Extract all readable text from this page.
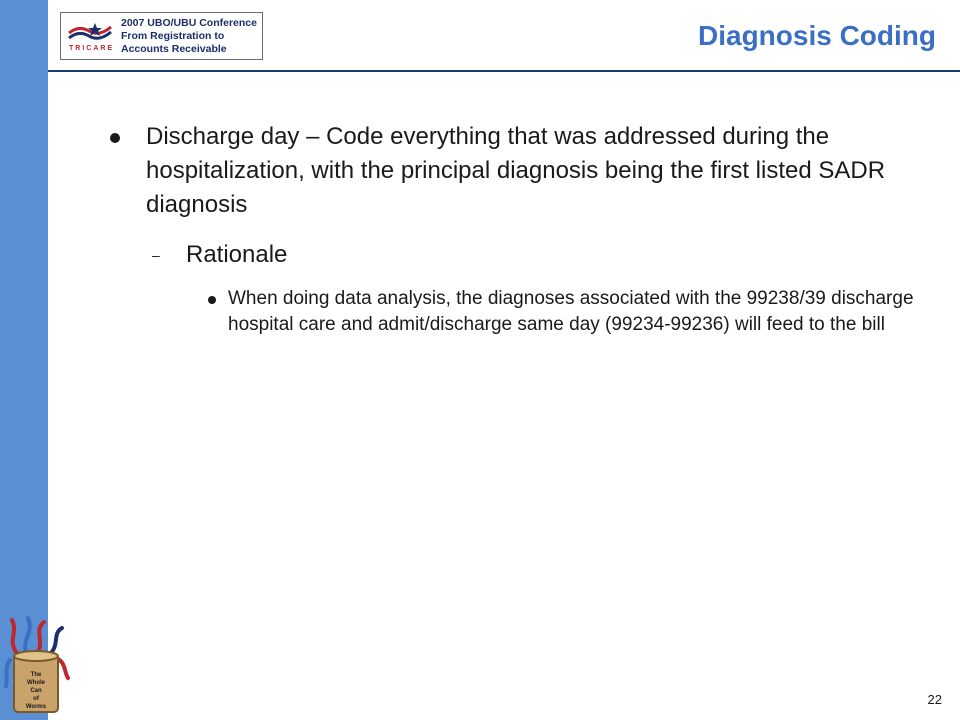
TRICARE
2007 UBO/UBU Conference
From Registration to
Accounts Receivable	Diagnosis Coding
Discharge day – Code everything that was addressed during the hospitalization, with the principal diagnosis being the first listed SADR diagnosis
– Rationale
When doing data analysis, the diagnoses associated with the 99238/39 discharge hospital care and admit/discharge same day (99234-99236) will feed to the bill
The
Whole
Can
of
Worms	22
